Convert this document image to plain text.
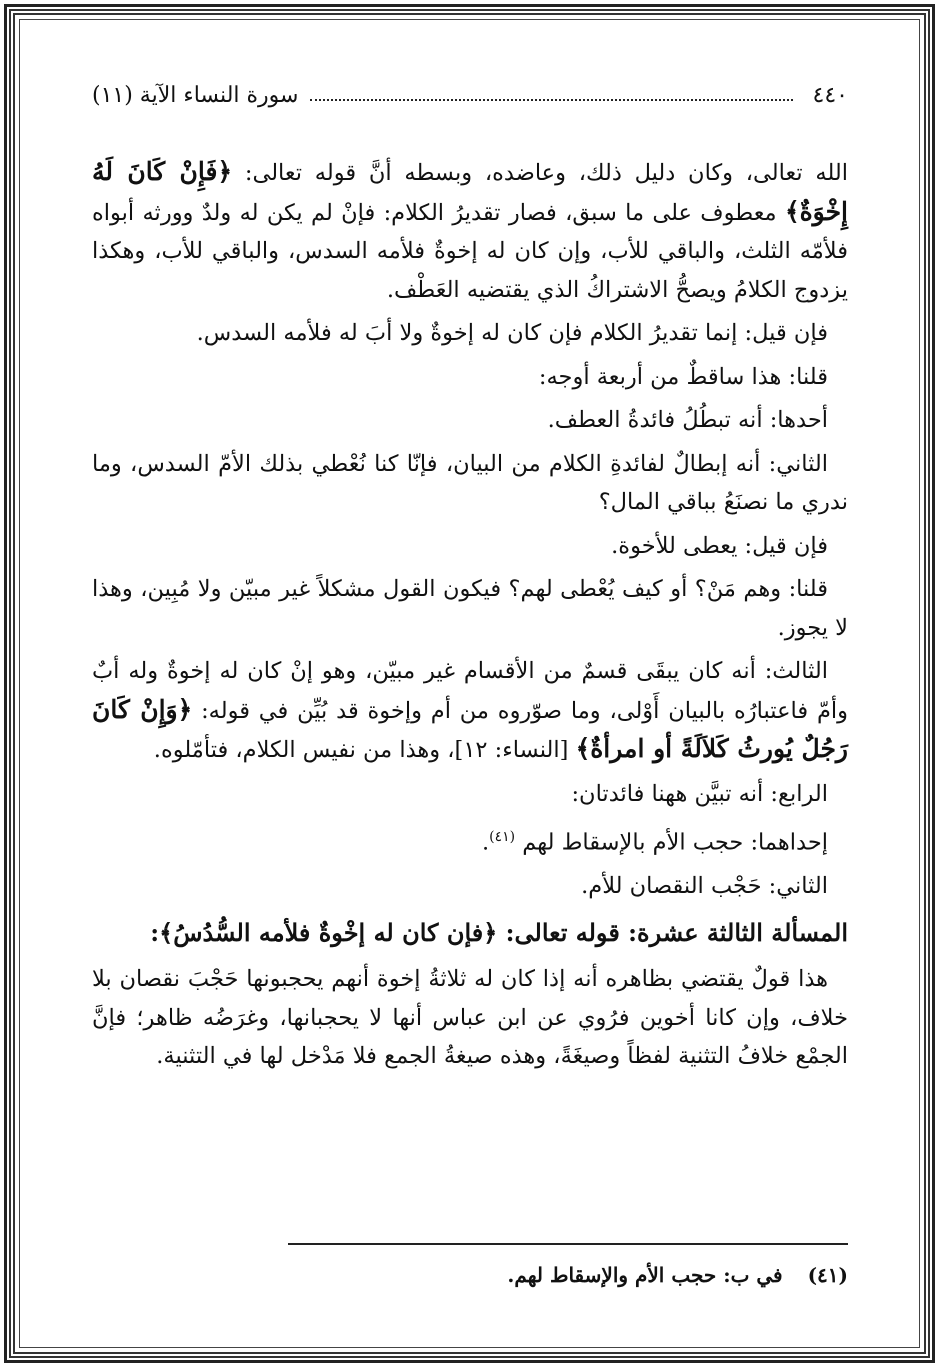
٤٤٠
سورة النساء الآية (١١)

الله تعالى، وكان دليل ذلك، وعاضده، وبسطه أنَّ قوله تعالى: ﴿فَإِنْ كَانَ لَهُ إِخْوَةٌ﴾ معطوف على ما سبق، فصار تقديرُ الكلام: فإنْ لم يكن له ولدٌ وورثه أبواه فلأمّه الثلث، والباقي للأب، وإن كان له إخوةٌ فلأمه السدس، والباقي للأب، وهكذا يزدوج الكلامُ ويصحُّ الاشتراكُ الذي يقتضيه العَطْف.

فإن قيل: إنما تقديرُ الكلام فإن كان له إخوةٌ ولا أبَ له فلأمه السدس.

قلنا: هذا ساقطٌ من أربعة أوجه:

أحدها: أنه تبطُلُ فائدةُ العطف.

الثاني: أنه إبطالٌ لفائدةِ الكلام من البيان، فإنّا كنا نُعْطي بذلك الأمّ السدس، وما ندري ما نصنَعُ بباقي المال؟

فإن قيل: يعطى للأخوة.

قلنا: وهم مَنْ؟ أو كيف يُعْطى لهم؟ فيكون القول مشكلاً غير مبيّن ولا مُبِين، وهذا لا يجوز.

الثالث: أنه كان يبقَى قسمٌ من الأقسام غير مبيّن، وهو إنْ كان له إخوةٌ وله أبٌ وأمّ فاعتبارُه بالبيان أَوْلى، وما صوّروه من أم وإخوة قد بُيِّن في قوله: ﴿وَإِنْ كَانَ رَجُلٌ يُورثُ كَلاَلَةً أو امرأةٌ﴾ [النساء: ١٢]، وهذا من نفيس الكلام، فتأمّلوه.

الرابع: أنه تبيَّن ههنا فائدتان:

إحداهما: حجب الأم بالإسقاط لهم $^{(٤١)}$.

الثاني: حَجْب النقصان للأم.

المسألة الثالثة عشرة: قوله تعالى: ﴿فإن كان له إخْوةٌ فلأمه السُّدُسُ﴾:

هذا قولٌ يقتضي بظاهره أنه إذا كان له ثلاثةُ إخوة أنهم يحجبونها حَجْبَ نقصان بلا خلاف، وإن كانا أخوين فرُوي عن ابن عباس أنها لا يحجبانها، وغرَضُه ظاهر؛ فإنَّ الجمْع خلافُ التثنية لفظاً وصيغَةً، وهذه صيغةُ الجمع فلا مَدْخل لها في التثنية.

(٤١) في ب: حجب الأم والإسقاط لهم.
